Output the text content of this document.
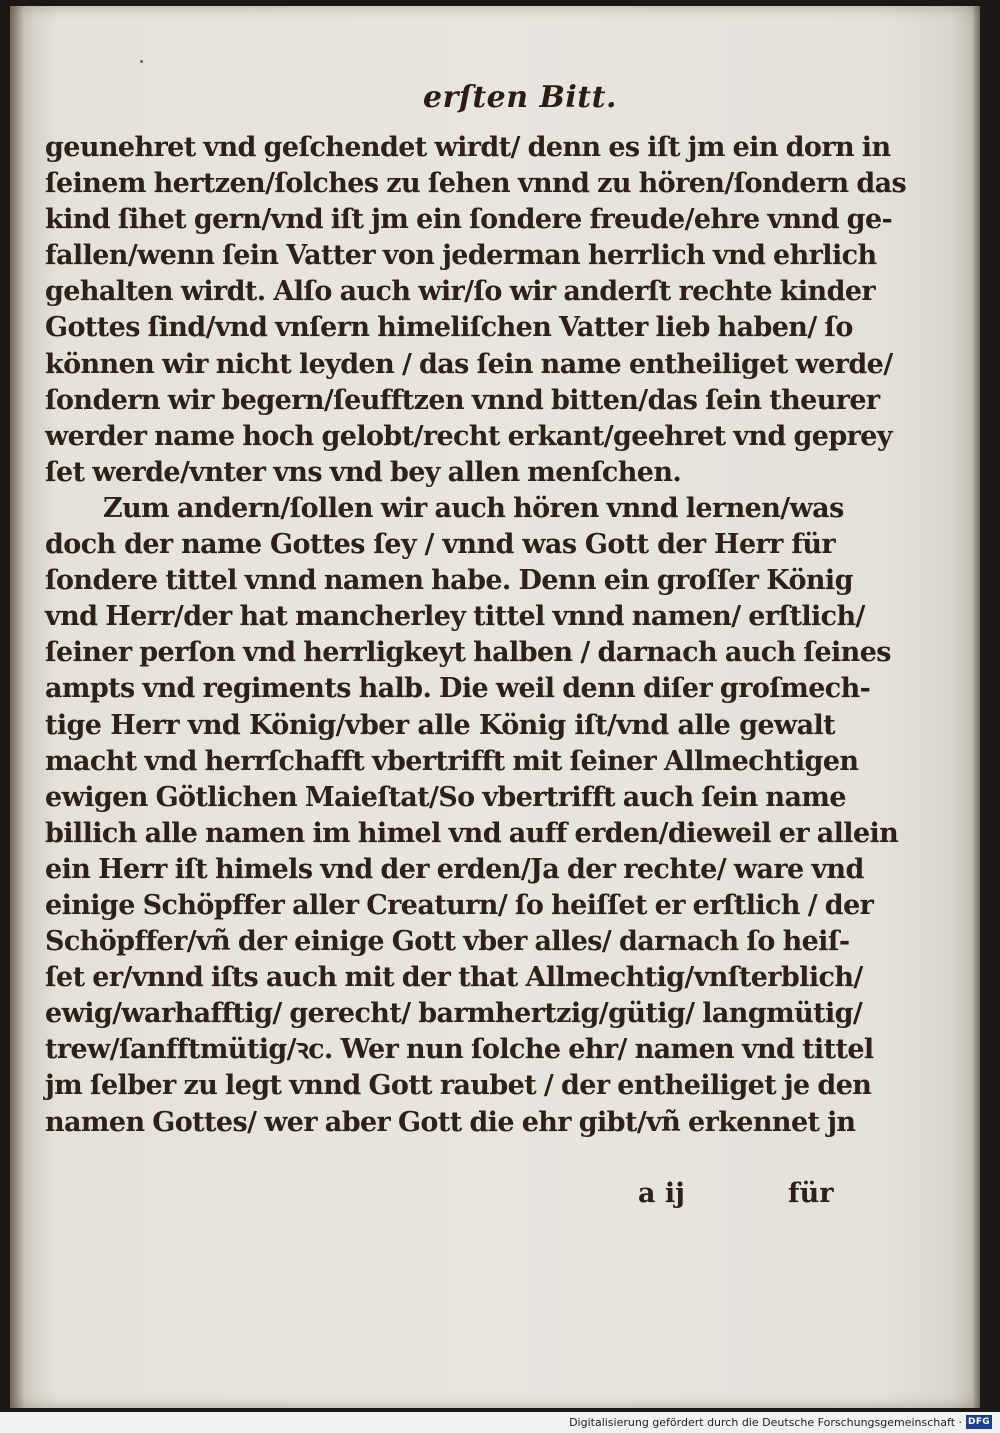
erſten Bitt.
geunehret vnd geſchendet wirdt/ denn es iſt jm ein dorn in
ſeinem hertzen/ſolches zu ſehen vnnd zu hören/ſondern das
kind ſihet gern/vnd iſt jm ein ſondere freude/ehre vnnd ge-
fallen/wenn ſein Vatter von jederman herrlich vnd ehrlich
gehalten wirdt. Alſo auch wir/ſo wir anderſt rechte kinder
Gottes ſind/vnd vnſern himeliſchen Vatter lieb haben/ ſo
können wir nicht leyden / das ſein name entheiliget werde/
ſondern wir begern/ſeufftzen vnnd bitten/das ſein theurer
werder name hoch gelobt/recht erkant/geehret vnd geprey
ſet werde/vnter vns vnd bey allen menſchen.
Zum andern/ſollen wir auch hören vnnd lernen/was
doch der name Gottes ſey / vnnd was Gott der Herr für
ſondere tittel vnnd namen habe. Denn ein groſſer König
vnd Herr/der hat mancherley tittel vnnd namen/ erſtlich/
ſeiner perſon vnd herrligkeyt halben / darnach auch ſeines
ampts vnd regiments halb. Die weil denn diſer groſmech-
tige Herr vnd König/vber alle König iſt/vnd alle gewalt
macht vnd herrſchafft vbertrifft mit ſeiner Allmechtigen
ewigen Götlichen Maieſtat/So vbertrifft auch ſein name
billich alle namen im himel vnd auff erden/dieweil er allein
ein Herr iſt himels vnd der erden/Ja der rechte/ ware vnd
einige Schöpffer aller Creaturn/ ſo heiſſet er erſtlich / der
Schöpffer/vñ der einige Gott vber alles/ darnach ſo heiſ-
ſet er/vnnd iſts auch mit der that Allmechtig/vnſterblich/
ewig/warhafftig/ gerecht/ barmhertzig/gütig/ langmütig/
trew/ſanfftmütig/ꝛc. Wer nun ſolche ehr/ namen vnd tittel
jm ſelber zu legt vnnd Gott raubet / der entheiliget je den
namen Gottes/ wer aber Gott die ehr gibt/vñ erkennet jn
a ij	für
Digitalisierung gefördert durch die Deutsche Forschungsgemeinschaft · DFG
